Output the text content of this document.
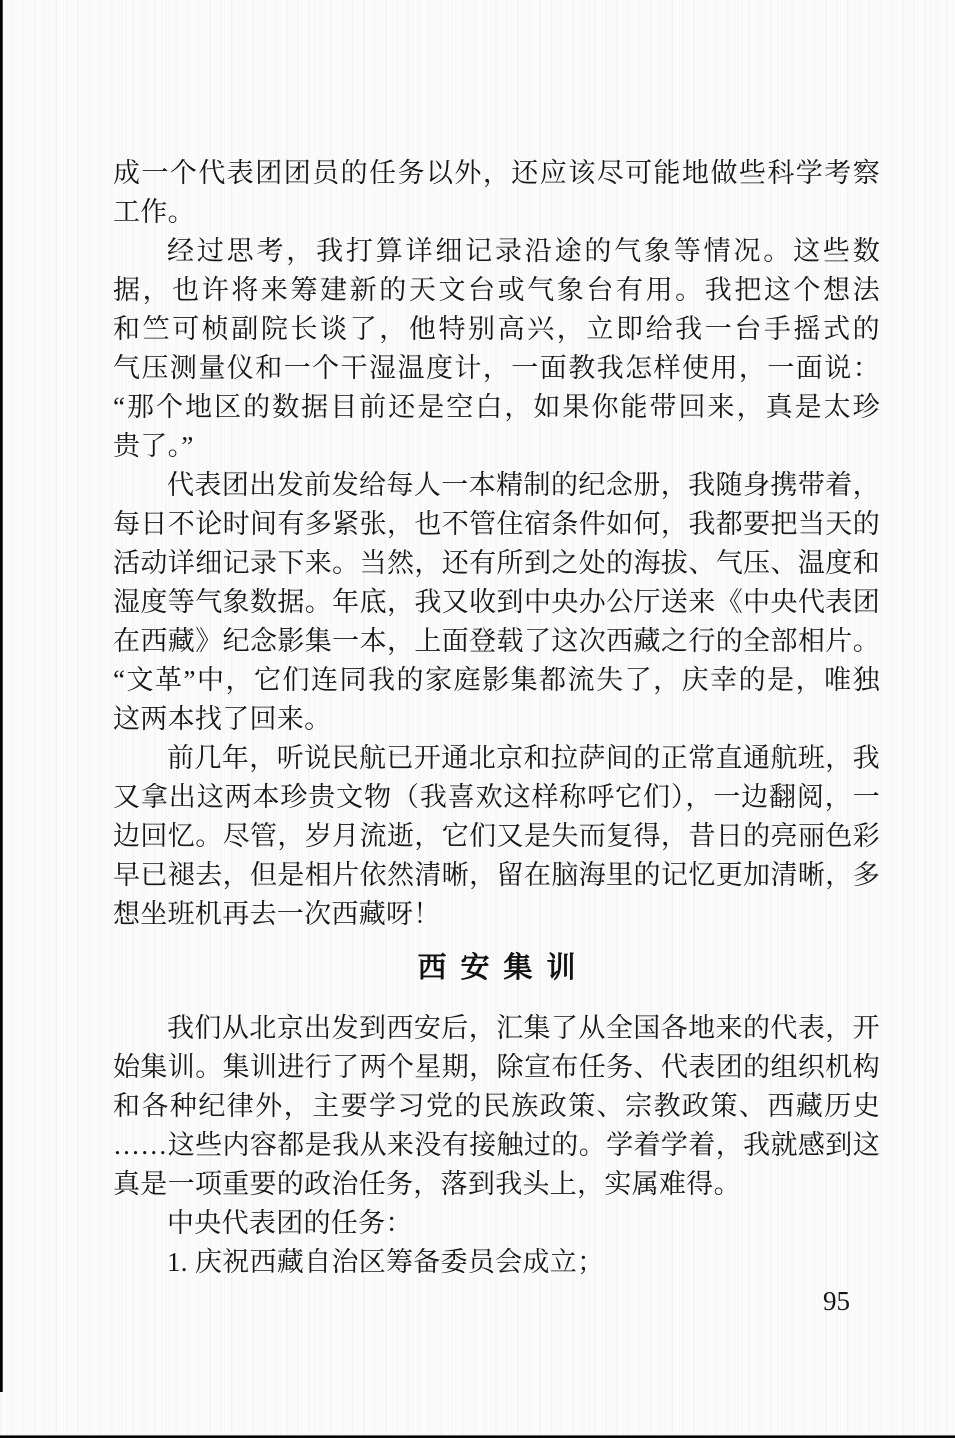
成一个代表团团员的任务以外，还应该尽可能地做些科学考察
工作。
经过思考，我打算详细记录沿途的气象等情况。这些数
据，也许将来筹建新的天文台或气象台有用。我把这个想法
和竺可桢副院长谈了，他特别高兴，立即给我一台手摇式的
气压测量仪和一个干湿温度计，一面教我怎样使用，一面说：
“那个地区的数据目前还是空白，如果你能带回来，真是太珍
贵了。”
代表团出发前发给每人一本精制的纪念册，我随身携带着，
每日不论时间有多紧张，也不管住宿条件如何，我都要把当天的
活动详细记录下来。当然，还有所到之处的海拔、气压、温度和
湿度等气象数据。年底，我又收到中央办公厅送来《中央代表团
在西藏》纪念影集一本，上面登载了这次西藏之行的全部相片。
“文革”中，它们连同我的家庭影集都流失了，庆幸的是，唯独
这两本找了回来。
前几年，听说民航已开通北京和拉萨间的正常直通航班，我
又拿出这两本珍贵文物（我喜欢这样称呼它们），一边翻阅，一
边回忆。尽管，岁月流逝，它们又是失而复得，昔日的亮丽色彩
早已褪去，但是相片依然清晰，留在脑海里的记忆更加清晰，多
想坐班机再去一次西藏呀！
西安集训
我们从北京出发到西安后，汇集了从全国各地来的代表，开
始集训。集训进行了两个星期，除宣布任务、代表团的组织机构
和各种纪律外，主要学习党的民族政策、宗教政策、西藏历史
……这些内容都是我从来没有接触过的。学着学着，我就感到这
真是一项重要的政治任务，落到我头上，实属难得。
中央代表团的任务：
1. 庆祝西藏自治区筹备委员会成立；
95
